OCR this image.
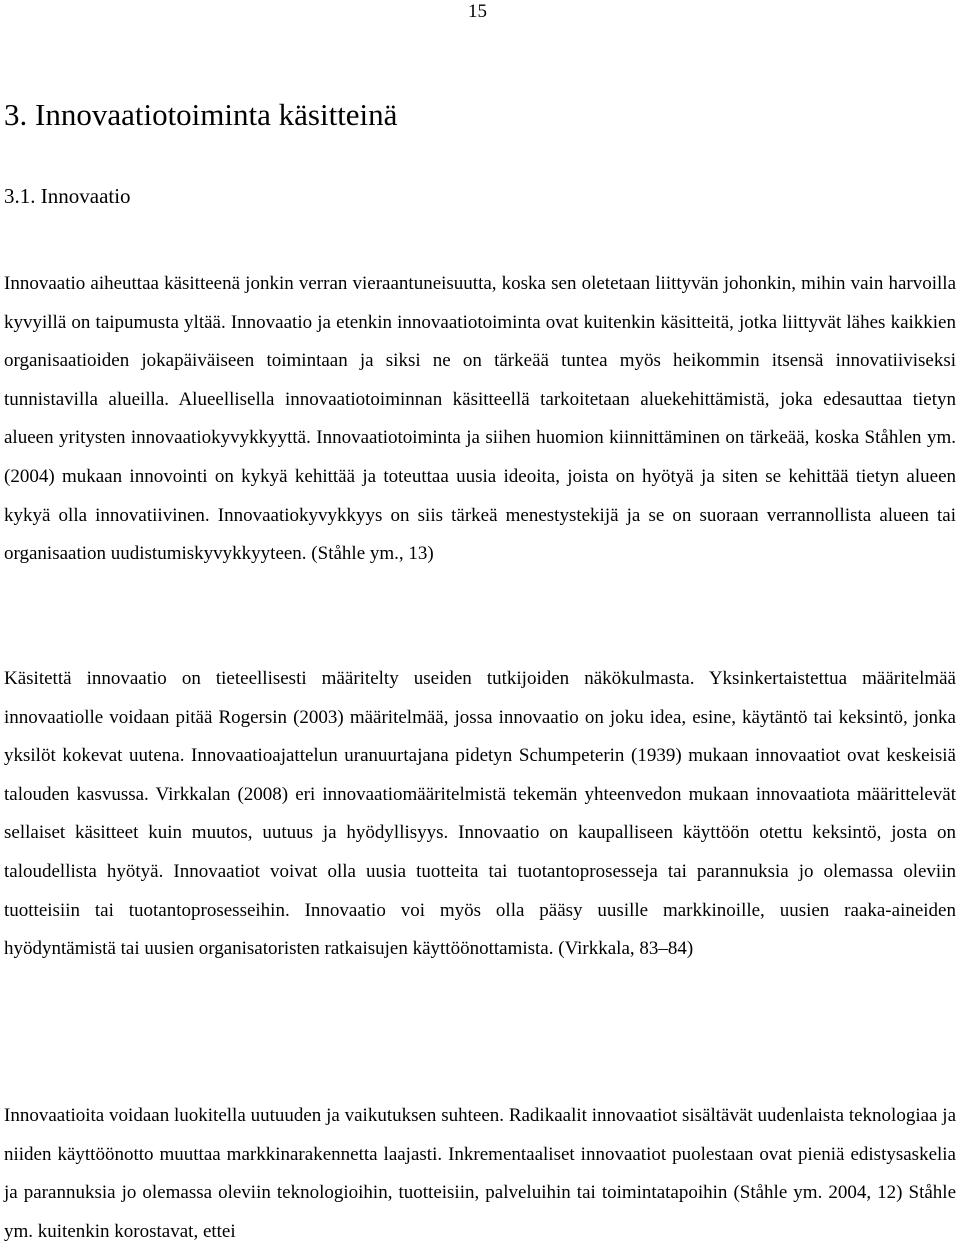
15
3. Innovaatiotoiminta käsitteinä
3.1. Innovaatio

Innovaatio aiheuttaa käsitteenä jonkin verran vieraantuneisuutta, koska sen oletetaan liittyvän johonkin, mihin vain harvoilla kyvyillä on taipumusta yltää. Innovaatio ja etenkin innovaatiotoiminta ovat kuitenkin käsitteitä, jotka liittyvät lähes kaikkien organisaatioiden jokapäiväiseen toimintaan ja siksi ne on tärkeää tuntea myös heikommin itsensä innovatiiviseksi tunnistavilla alueilla. Alueellisella innovaatiotoiminnan käsitteellä tarkoitetaan aluekehittämistä, joka edesauttaa tietyn alueen yritysten innovaatiokyvykkyyttä. Innovaatiotoiminta ja siihen huomion kiinnittäminen on tärkeää, koska Ståhlen ym. (2004) mukaan innovointi on kykyä kehittää ja toteuttaa uusia ideoita, joista on hyötyä ja siten se kehittää tietyn alueen kykyä olla innovatiivinen. Innovaatiokyvykkyys on siis tärkeä menestystekijä ja se on suoraan verrannollista alueen tai organisaation uudistumiskyvykkyyteen. (Ståhle ym., 13)

Käsitettä innovaatio on tieteellisesti määritelty useiden tutkijoiden näkökulmasta. Yksinkertaistettua määritelmää innovaatiolle voidaan pitää Rogersin (2003) määritelmää, jossa innovaatio on joku idea, esine, käytäntö tai keksintö, jonka yksilöt kokevat uutena. Innovaatioajattelun uranuurtajana pidetyn Schumpeterin (1939) mukaan innovaatiot ovat keskeisiä talouden kasvussa. Virkkalan (2008) eri innovaatiomääritelmistä tekemän yhteenvedon mukaan innovaatiota määrittelevät sellaiset käsitteet kuin muutos, uutuus ja hyödyllisyys. Innovaatio on kaupalliseen käyttöön otettu keksintö, josta on taloudellista hyötyä. Innovaatiot voivat olla uusia tuotteita tai tuotantoprosesseja tai parannuksia jo olemassa oleviin tuotteisiin tai tuotantoprosesseihin. Innovaatio voi myös olla pääsy uusille markkinoille, uusien raaka-aineiden hyödyntämistä tai uusien organisatoristen ratkaisujen käyttöönottamista. (Virkkala, 83–84)

Innovaatioita voidaan luokitella uutuuden ja vaikutuksen suhteen. Radikaalit innovaatiot sisältävät uudenlaista teknologiaa ja niiden käyttöönotto muuttaa markkinarakennetta laajasti. Inkrementaaliset innovaatiot puolestaan ovat pieniä edistysaskelia ja parannuksia jo olemassa oleviin teknologioihin, tuotteisiin, palveluihin tai toimintatapoihin (Ståhle ym. 2004, 12) Ståhle ym. kuitenkin korostavat, ettei
